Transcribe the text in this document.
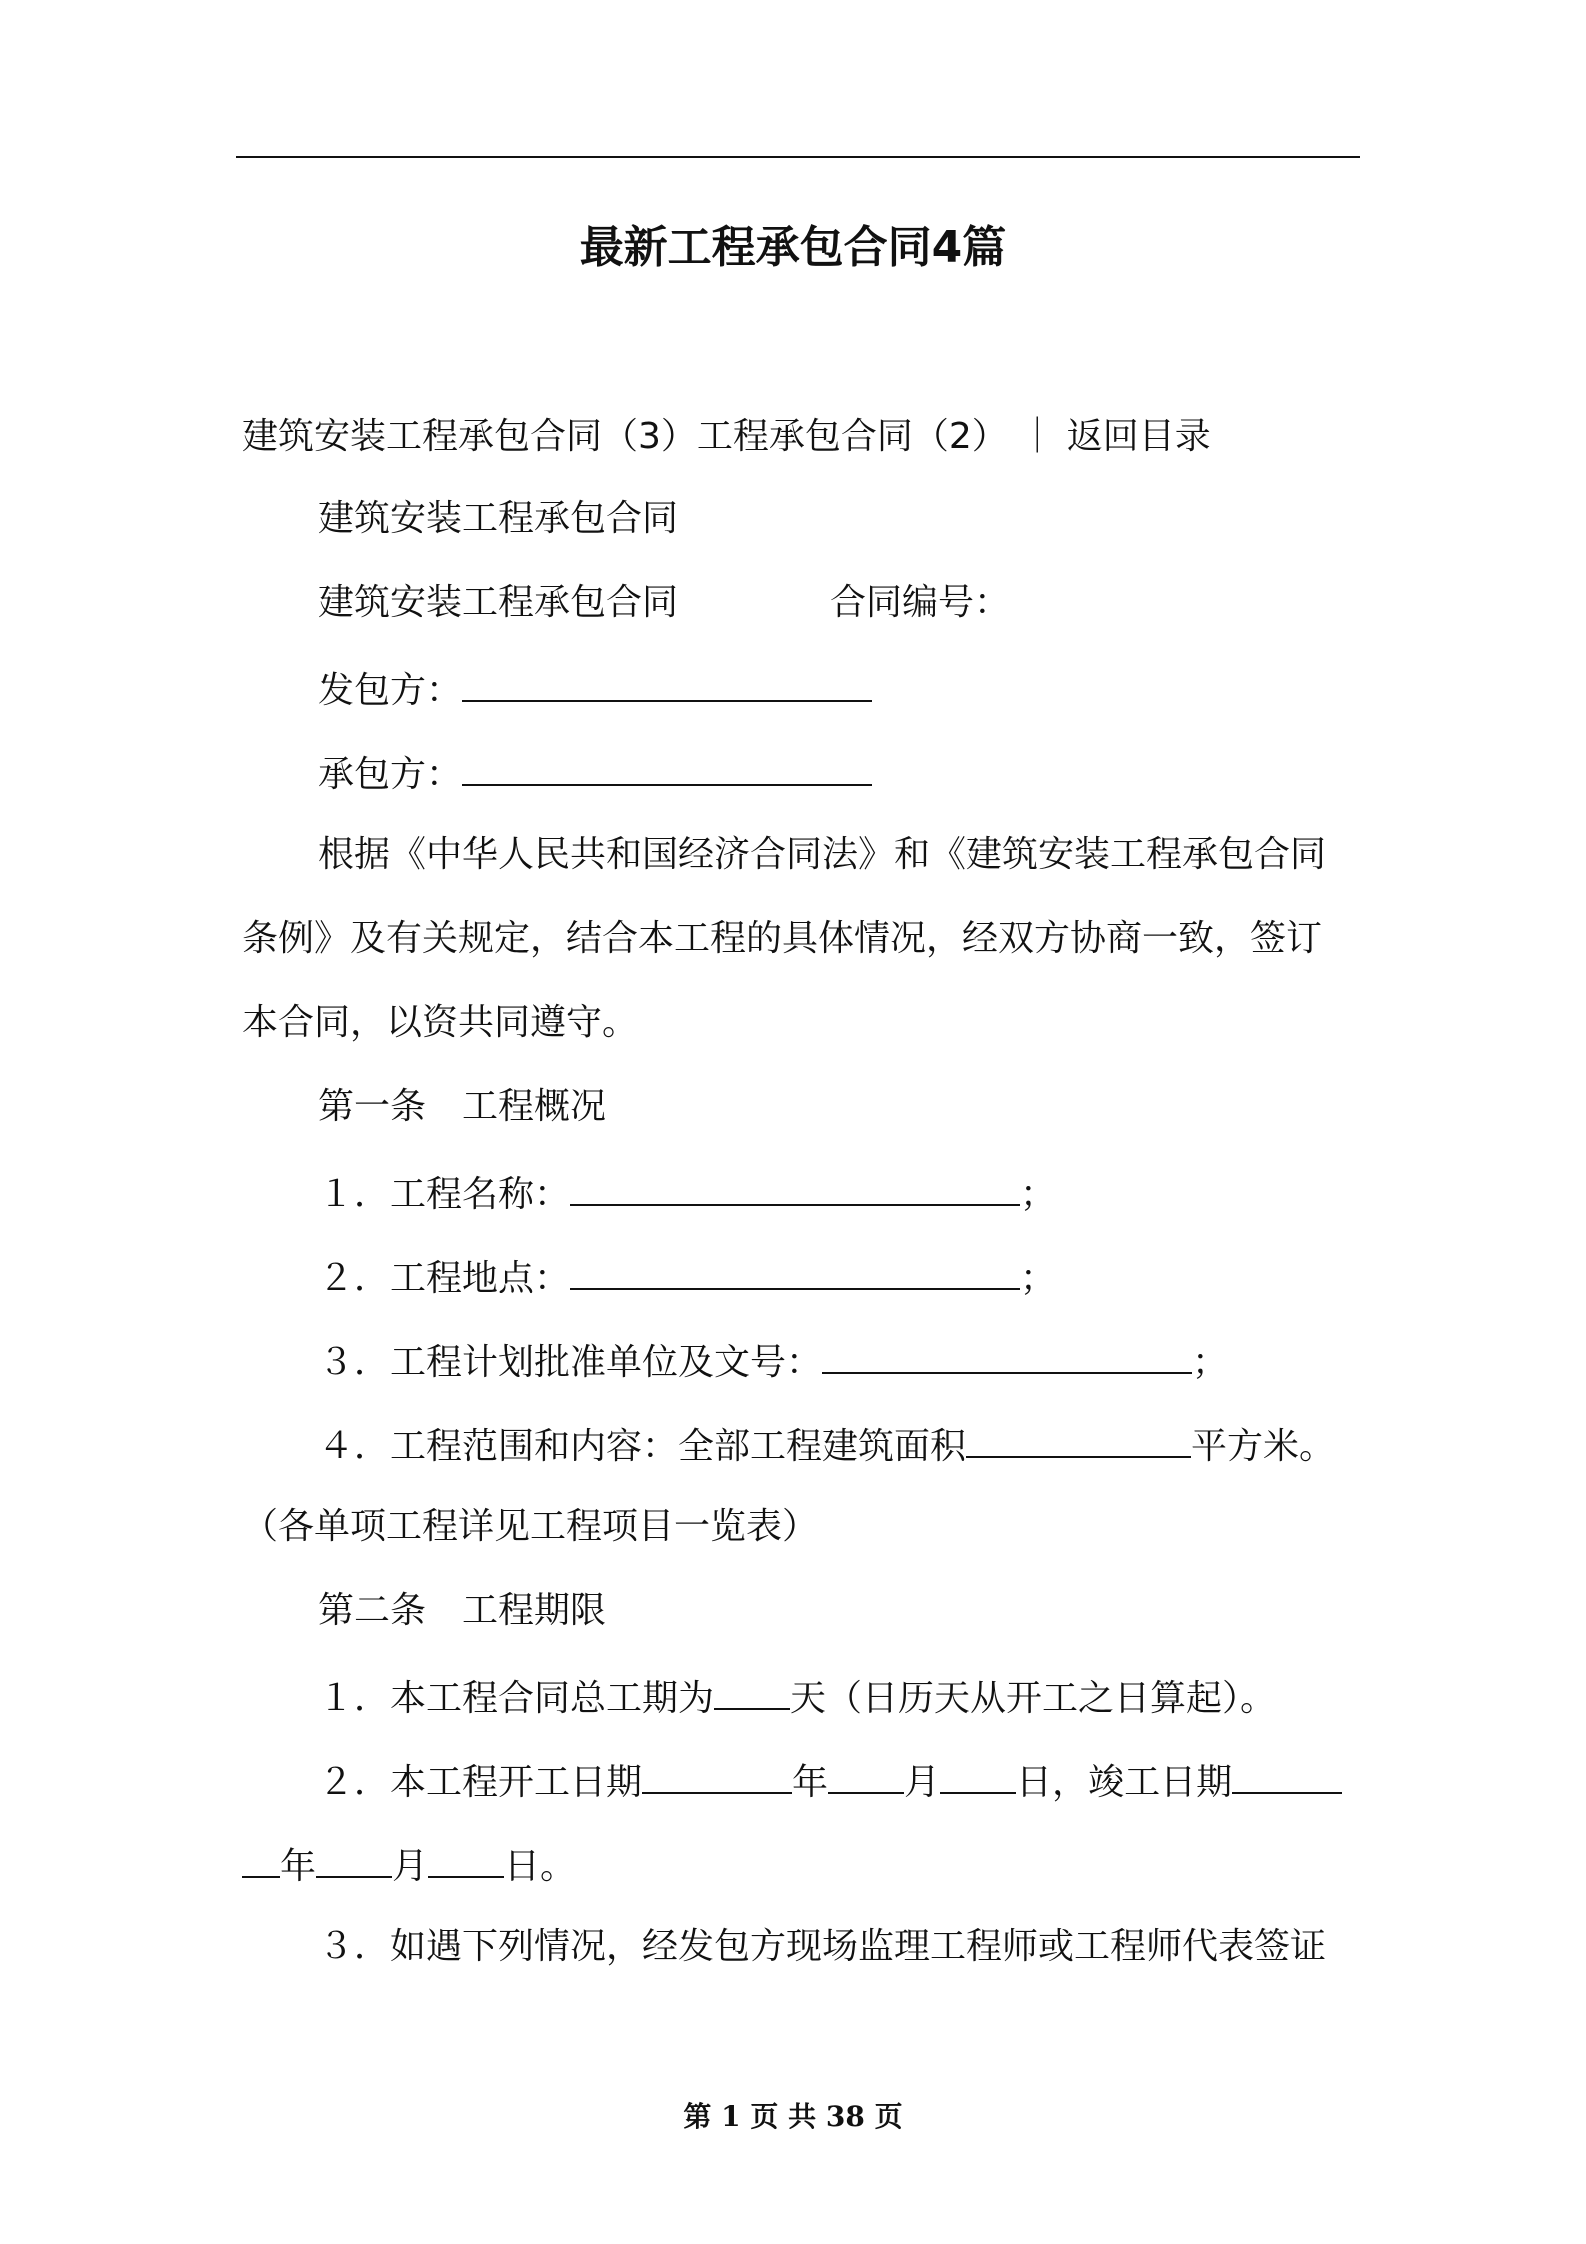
最新工程承包合同4篇
建筑安装工程承包合同（3）工程承包合同（2） ｜ 返回目录
建筑安装工程承包合同
建筑安装工程承包合同	合同编号：
发包方：
承包方：
根据《中华人民共和国经济合同法》和《建筑安装工程承包合同
条例》及有关规定，结合本工程的具体情况，经双方协商一致，签订
本合同，以资共同遵守。
第一条　工程概况
１．工程名称：	；
２．工程地点：	；
３．工程计划批准单位及文号：	；
４．工程范围和内容：全部工程建筑面积	平方米。
（各单项工程详见工程项目一览表）
第二条　工程期限
１．本工程合同总工期为 天（日历天从开工之日算起）。
２．本工程开工日期	年 月 日，竣工日期
年 月 日。
３．如遇下列情况，经发包方现场监理工程师或工程师代表签证
第 1 页 共 38 页
